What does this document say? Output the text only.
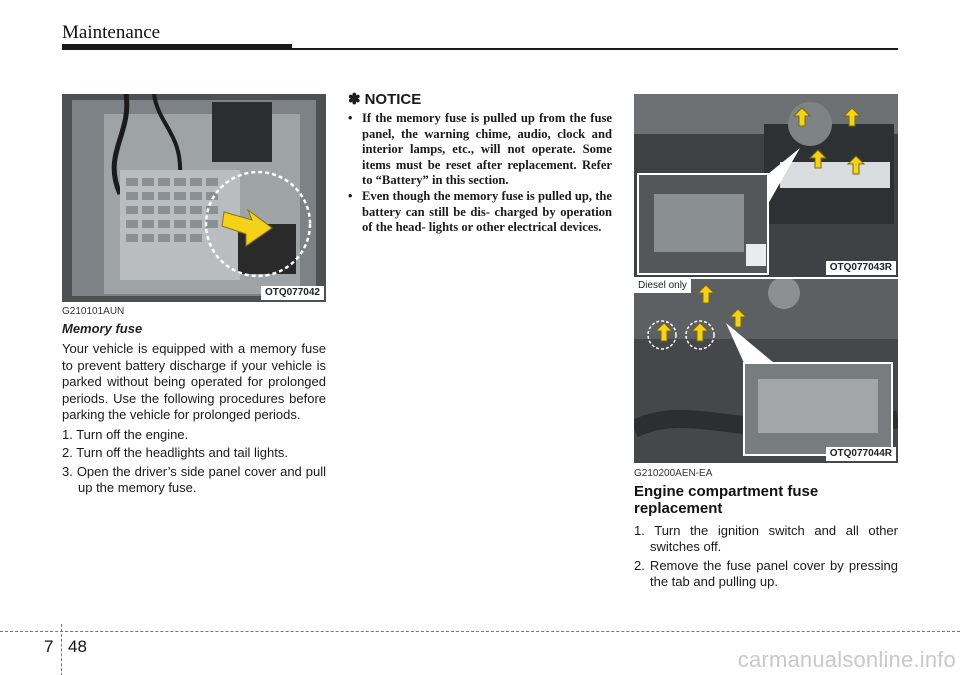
Maintenance
OTQ077042
OTQ077043R
Diesel only
OTQ077044R
G210101AUN
Memory fuse

Your vehicle is equipped with a memory fuse to prevent battery discharge if your vehicle is parked without being operated for prolonged periods. Use the following procedures before parking the vehicle for prolonged periods.

1. Turn off the engine.
2. Turn off the headlights and tail lights.
3. Open the driver’s side panel cover and pull up the memory fuse.
✽ NOTICE
• If the memory fuse is pulled up from the fuse panel, the warning chime, audio, clock and interior lamps, etc., will not operate. Some items must be reset after replacement. Refer to “Battery” in this section.
• Even though the memory fuse is pulled up, the battery can still be dis- charged by operation of the head- lights or other electrical devices.
G210200AEN-EA
Engine compartment fuse replacement
1. Turn the ignition switch and all other switches off.
2. Remove the fuse panel cover by pressing the tab and pulling up.
7 48
carmanualsonline.info
